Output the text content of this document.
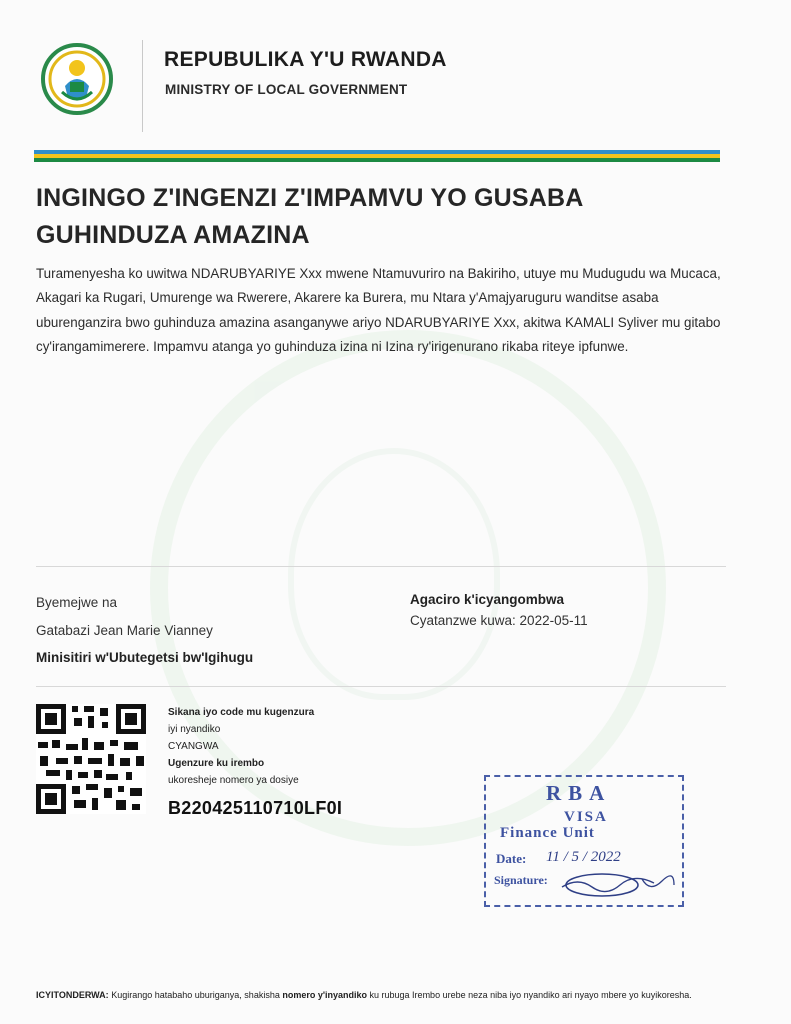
REPUBULIKA Y'U RWANDA
MINISTRY OF LOCAL GOVERNMENT
INGINGO Z'INGENZI Z'IMPAMVU YO GUSABA
GUHINDUZA AMAZINA
Turamenyesha ko uwitwa NDARUBYARIYE Xxx mwene Ntamuvuriro na Bakiriho, utuye mu Mudugudu wa Mucaca, Akagari ka Rugari, Umurenge wa Rwerere, Akarere ka Burera, mu Ntara y'Amajyaruguru wanditse asaba uburenganzira bwo guhinduza amazina asanganywe ariyo NDARUBYARIYE Xxx, akitwa KAMALI Syliver mu gitabo cy'irangamimerere. Impamvu atanga yo guhinduza izina ni Izina ry'irigenurano rikaba riteye ipfunwe.
Byemejwe na
Gatabazi Jean Marie Vianney
Minisitiri w'Ubutegetsi bw'Igihugu
Agaciro k'icyangombwa
Cyatanzwe kuwa: 2022-05-11
Sikana iyo code mu kugenzura
iyi nyandiko
CYANGWA
Ugenzure ku irembo
ukoresheje nomero ya dosiye
B220425110710LF0I
RBA
VISA
Finance Unit
Date: 11 / 5 / 2022
Signature:
ICYITONDERWA: Kugirango hatabaho uburiganya, shakisha nomero y'inyandiko ku rubuga Irembo urebe neza niba iyo nyandiko ari nyayo mbere yo kuyikoresha.
